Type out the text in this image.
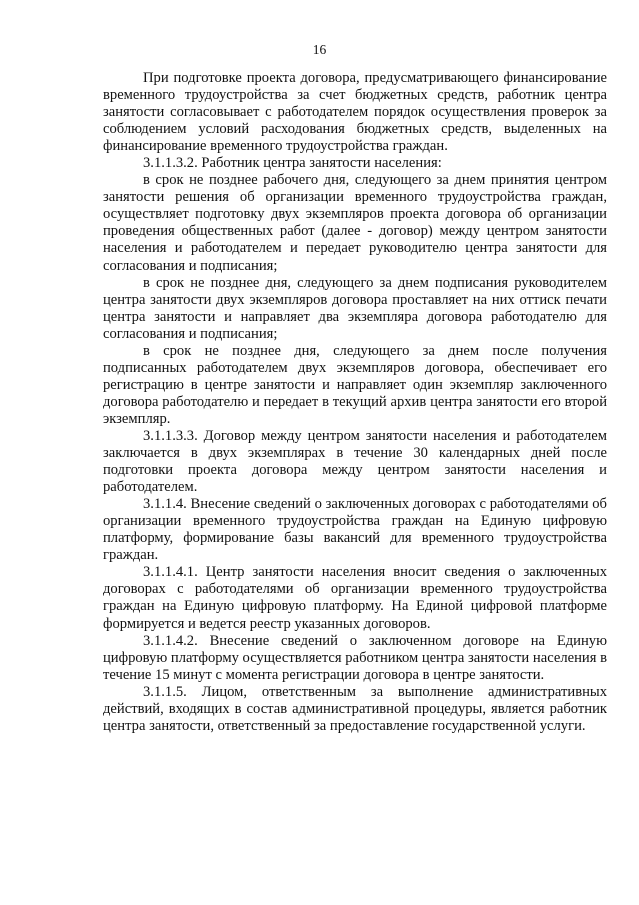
16

При подготовке проекта договора, предусматривающего финансирование временного трудоустройства за счет бюджетных средств, работник центра занятости согласовывает с работодателем порядок осуществления проверок за соблюдением условий расходования бюджетных средств, выделенных на финансирование временного трудоустройства граждан.

3.1.1.3.2. Работник центра занятости населения:

в срок не позднее рабочего дня, следующего за днем принятия центром занятости решения об организации временного трудоустройства граждан, осуществляет подготовку двух экземпляров проекта договора об организации проведения общественных работ (далее - договор) между центром занятости населения и работодателем и передает руководителю центра занятости для согласования и подписания;

в срок не позднее дня, следующего за днем подписания руководителем центра занятости двух экземпляров договора проставляет на них оттиск печати центра занятости и направляет два экземпляра договора работодателю для согласования и подписания;

в срок не позднее дня, следующего за днем после получения подписанных работодателем двух экземпляров договора, обеспечивает его регистрацию в центре занятости и направляет один экземпляр заключенного договора работодателю и передает в текущий архив центра занятости его второй экземпляр.

3.1.1.3.3. Договор между центром занятости населения и работодателем заключается в двух экземплярах в течение 30 календарных дней после подготовки проекта договора между центром занятости населения и работодателем.

3.1.1.4. Внесение сведений о заключенных договорах с работодателями об организации временного трудоустройства граждан на Единую цифровую платформу, формирование базы вакансий для временного трудоустройства граждан.

3.1.1.4.1. Центр занятости населения вносит сведения о заключенных договорах с работодателями об организации временного трудоустройства граждан на Единую цифровую платформу. На Единой цифровой платформе формируется и ведется реестр указанных договоров.

3.1.1.4.2. Внесение сведений о заключенном договоре на Единую цифровую платформу осуществляется работником центра занятости населения в течение 15 минут с момента регистрации договора в центре занятости.

3.1.1.5. Лицом, ответственным за выполнение административных действий, входящих в состав административной процедуры, является работник центра занятости, ответственный за предоставление государственной услуги.
